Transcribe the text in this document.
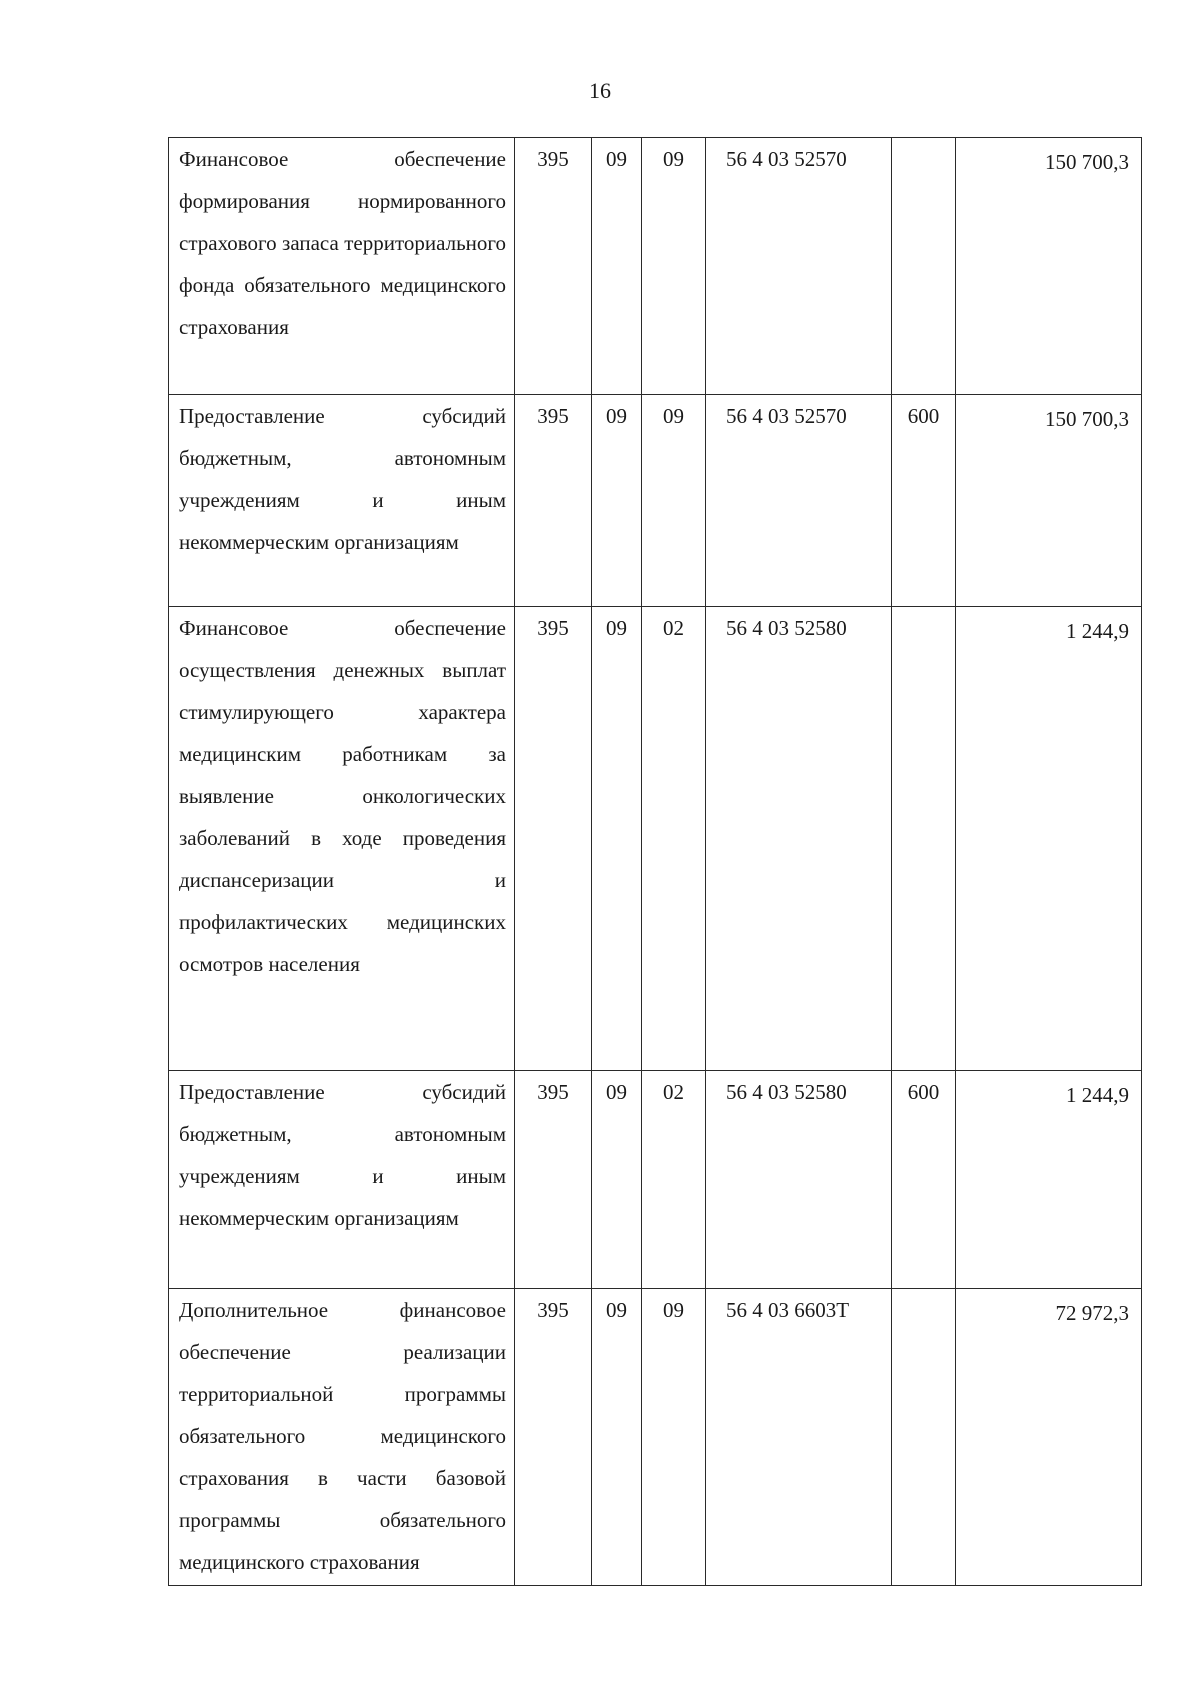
16
Финансовое обеспечение формирования нормированного страхового запаса территориального фонда обязательного медицинского страхования	395	09	09	56 4 03 52570		150 700,3

Предоставление субсидий бюджетным, автономным учреждениям и иным некоммерческим организациям	395	09	09	56 4 03 52570	600	150 700,3

Финансовое обеспечение осуществления денежных выплат стимулирующего характера медицинским работникам за выявление онкологических заболеваний в ходе проведения диспансеризации и профилактических медицинских осмотров населения	395	09	02	56 4 03 52580		1 244,9

Предоставление субсидий бюджетным, автономным учреждениям и иным некоммерческим организациям	395	09	02	56 4 03 52580	600	1 244,9

Дополнительное финансовое обеспечение реализации территориальной программы обязательного медицинского страхования в части базовой программы обязательного медицинского страхования	395	09	09	56 4 03 6603Т		72 972,3
